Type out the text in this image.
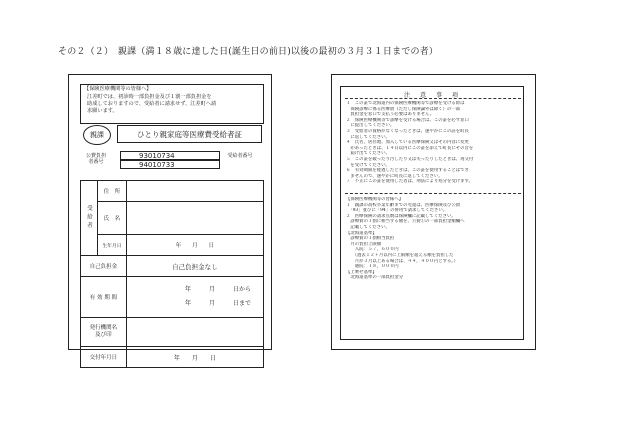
その２（２）　親課（満１８歳に達した日(誕生日の前日)以後の最初の３月３１日までの者）
【保険医療機関等の皆様へ】
江差町では、初診時一部負担金及び１割一部負担金を
助成しておりますので、受給者に請求せず、江差町へ請
求願います。
親課	ひとり親家庭等医療費受給者証
公費負担者番号
93010734
94010733
受給者番号
受給者	住　所	
	氏　名	
	生年月日	年　　月　　日
自己負担金		自己負担金なし
有 効 期 間		年　　　月　　　日から
年　　　月　　　日まで

発行機関名及び印		
交付年月日		年　　月　　日
注　意　事　項
１　この証で北海道内の保険医療機関等で診療を受ける際は
　保険診療に係る医療費（ただし保険論外は除く）の一部
　負担金を窓口で支払う必要はありません。
２　保険医療機関等で診療を受ける場合は、この証を必ず窓口
　に提出してください。
３　受給者の資格がなくなったときは、速やかにこの証を町長
　に返してください。
４　氏名、居住地、加入している医療保険又はその内容に変更
　があったときは、１４日以内にこの証を添えて町長にその旨を
　届け出てください。
５　この証を破ったり汚したり又は失ったりしたときは、再交付
　を受けてください。
６　有効期限を経過したときは、この証を使用することはでき
　ませんので、速やかに町長に返してください。
７　不正にこの証を使用した者は、刑法により処分を受けます。
【保険医療機関等の皆様へ】
１　親課の高校卒業年齢までの児童は、医療保険及び公費
　「93」並びに「94」の併用で請求してください。
２　医療保険の請求点数は保険欄に記載してください。
　診療費の１割に相当する額を、公費①の一部負担金額欄へ
　記載してください。
【北海道基準】
　診療費の１割相当負担
　月の負担上限額
　　入院：５７，６００円
　　（過去１２ヶ月以内に上限額を超える額を負担した
　　月が３月以上ある場合は、４４，４００円とする。）
　　通院：１８，０００円
【上乗せ基準】
　北海道基準の一部負担金分
